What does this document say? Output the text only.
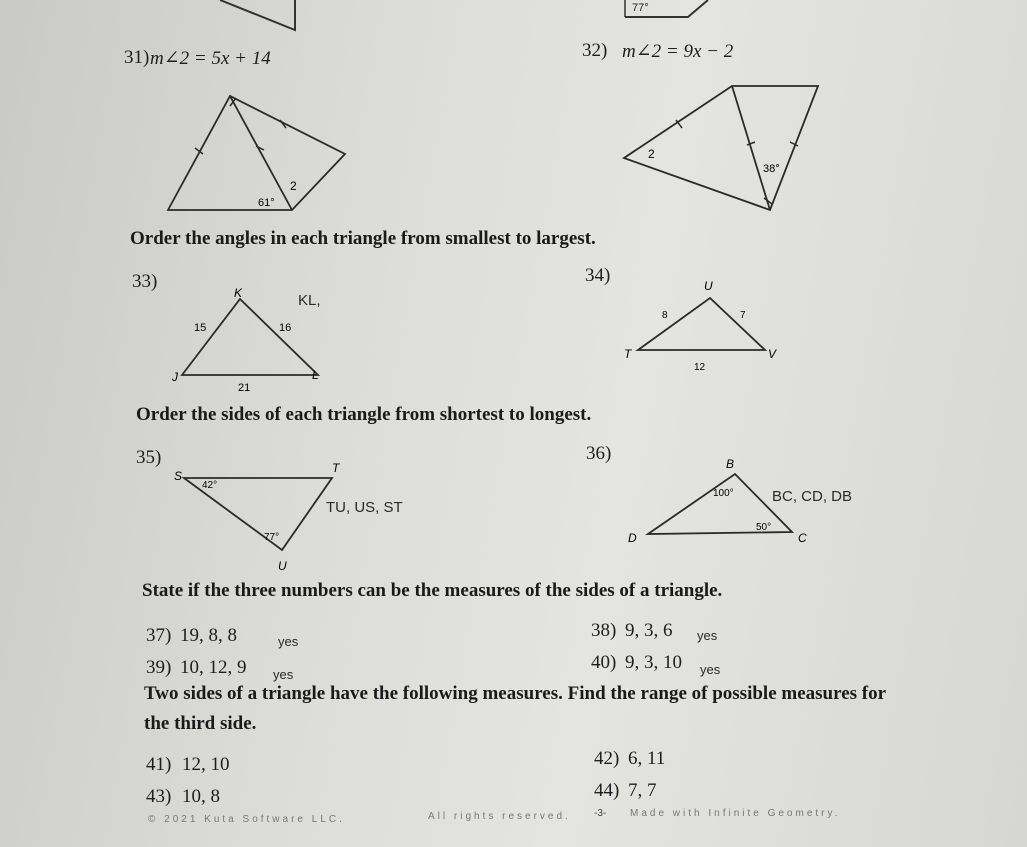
77°
31) m∠2 = 5x + 14
61°
2
32) m∠2 = 9x − 2
2
38°
Order the angles in each triangle from smallest to largest.
33)
K
J	L
15	16
21
KL,
34)	U
T	V
8	7
12
Order the sides of each triangle from shortest to longest.
35)
S
T
U
42°
77°
TU, US, ST
36)	B
D	C
100°
50°
BC, CD, DB
State if the three numbers can be the measures of the sides of a triangle.
37) 19, 8, 8	yes
38) 9, 3, 6 yes
39) 10, 12, 9 yes
40) 9, 3, 10 yes
Two sides of a triangle have the following measures. Find the range of possible measures for
the third side.
41) 12, 10	42) 6, 11
43) 10, 8	44) 7, 7
© 2021 Kuta Software LLC.	All rights reserved. -3- Made with Infinite Geometry.
